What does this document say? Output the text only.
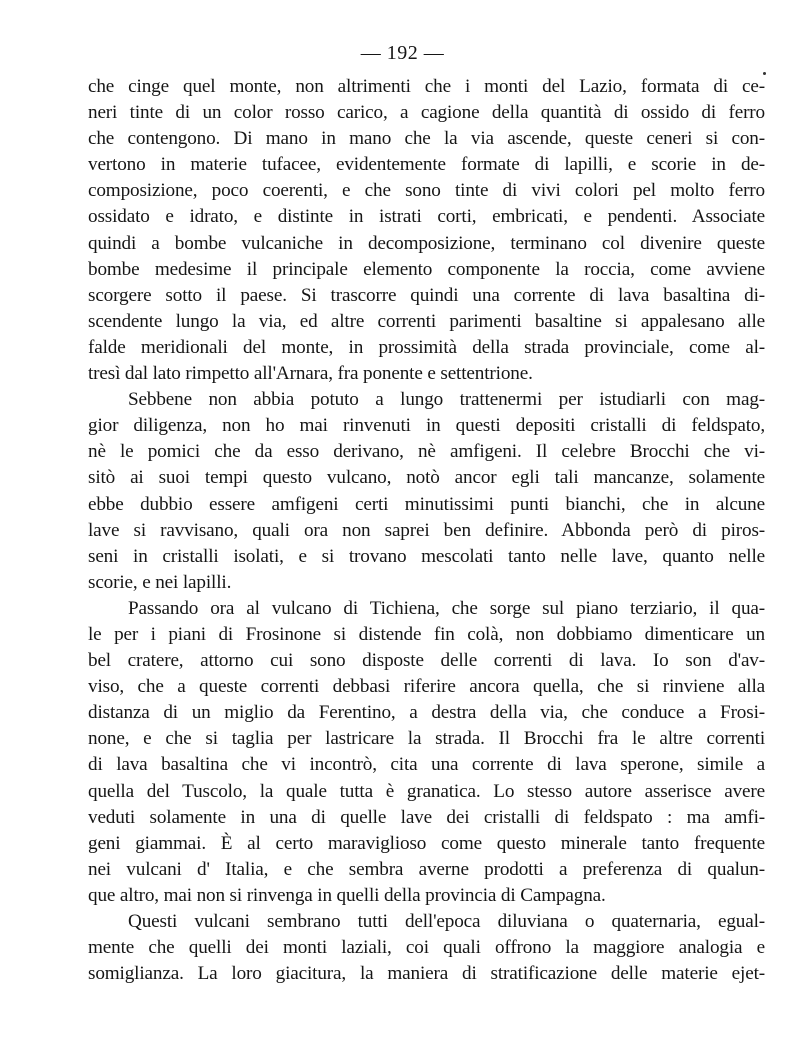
— 192 —
che cinge quel monte, non altrimenti che i monti del Lazio, formata di ce-
neri tinte di un color rosso carico, a cagione della quantità di ossido di ferro
che contengono. Di mano in mano che la via ascende, queste ceneri si con-
vertono in materie tufacee, evidentemente formate di lapilli, e scorie in de-
composizione, poco coerenti, e che sono tinte di vivi colori pel molto ferro
ossidato e idrato, e distinte in istrati corti, embricati, e pendenti. Associate
quindi a bombe vulcaniche in decomposizione, terminano col divenire queste
bombe medesime il principale elemento componente la roccia, come avviene
scorgere sotto il paese. Si trascorre quindi una corrente di lava basaltina di-
scendente lungo la via, ed altre correnti parimenti basaltine si appalesano alle
falde meridionali del monte, in prossimità della strada provinciale, come al-
tresì dal lato rimpetto all'Arnara, fra ponente e settentrione.
Sebbene non abbia potuto a lungo trattenermi per istudiarli con mag-
gior diligenza, non ho mai rinvenuti in questi depositi cristalli di feldspato,
nè le pomici che da esso derivano, nè amfigeni. Il celebre Brocchi che vi-
sitò ai suoi tempi questo vulcano, notò ancor egli tali mancanze, solamente
ebbe dubbio essere amfigeni certi minutissimi punti bianchi, che in alcune
lave si ravvisano, quali ora non saprei ben definire. Abbonda però di piros-
seni in cristalli isolati, e si trovano mescolati tanto nelle lave, quanto nelle
scorie, e nei lapilli.
Passando ora al vulcano di Tichiena, che sorge sul piano terziario, il qua-
le per i piani di Frosinone si distende fin colà, non dobbiamo dimenticare un
bel cratere, attorno cui sono disposte delle correnti di lava. Io son d'av-
viso, che a queste correnti debbasi riferire ancora quella, che si rinviene alla
distanza di un miglio da Ferentino, a destra della via, che conduce a Frosi-
none, e che si taglia per lastricare la strada. Il Brocchi fra le altre correnti
di lava basaltina che vi incontrò, cita una corrente di lava sperone, simile a
quella del Tuscolo, la quale tutta è granatica. Lo stesso autore asserisce avere
veduti solamente in una di quelle lave dei cristalli di feldspato : ma amfi-
geni giammai. È al certo maraviglioso come questo minerale tanto frequente
nei vulcani d' Italia, e che sembra averne prodotti a preferenza di qualun-
que altro, mai non si rinvenga in quelli della provincia di Campagna.
Questi vulcani sembrano tutti dell'epoca diluviana o quaternaria, egual-
mente che quelli dei monti laziali, coi quali offrono la maggiore analogia e
somiglianza. La loro giacitura, la maniera di stratificazione delle materie ejet-
